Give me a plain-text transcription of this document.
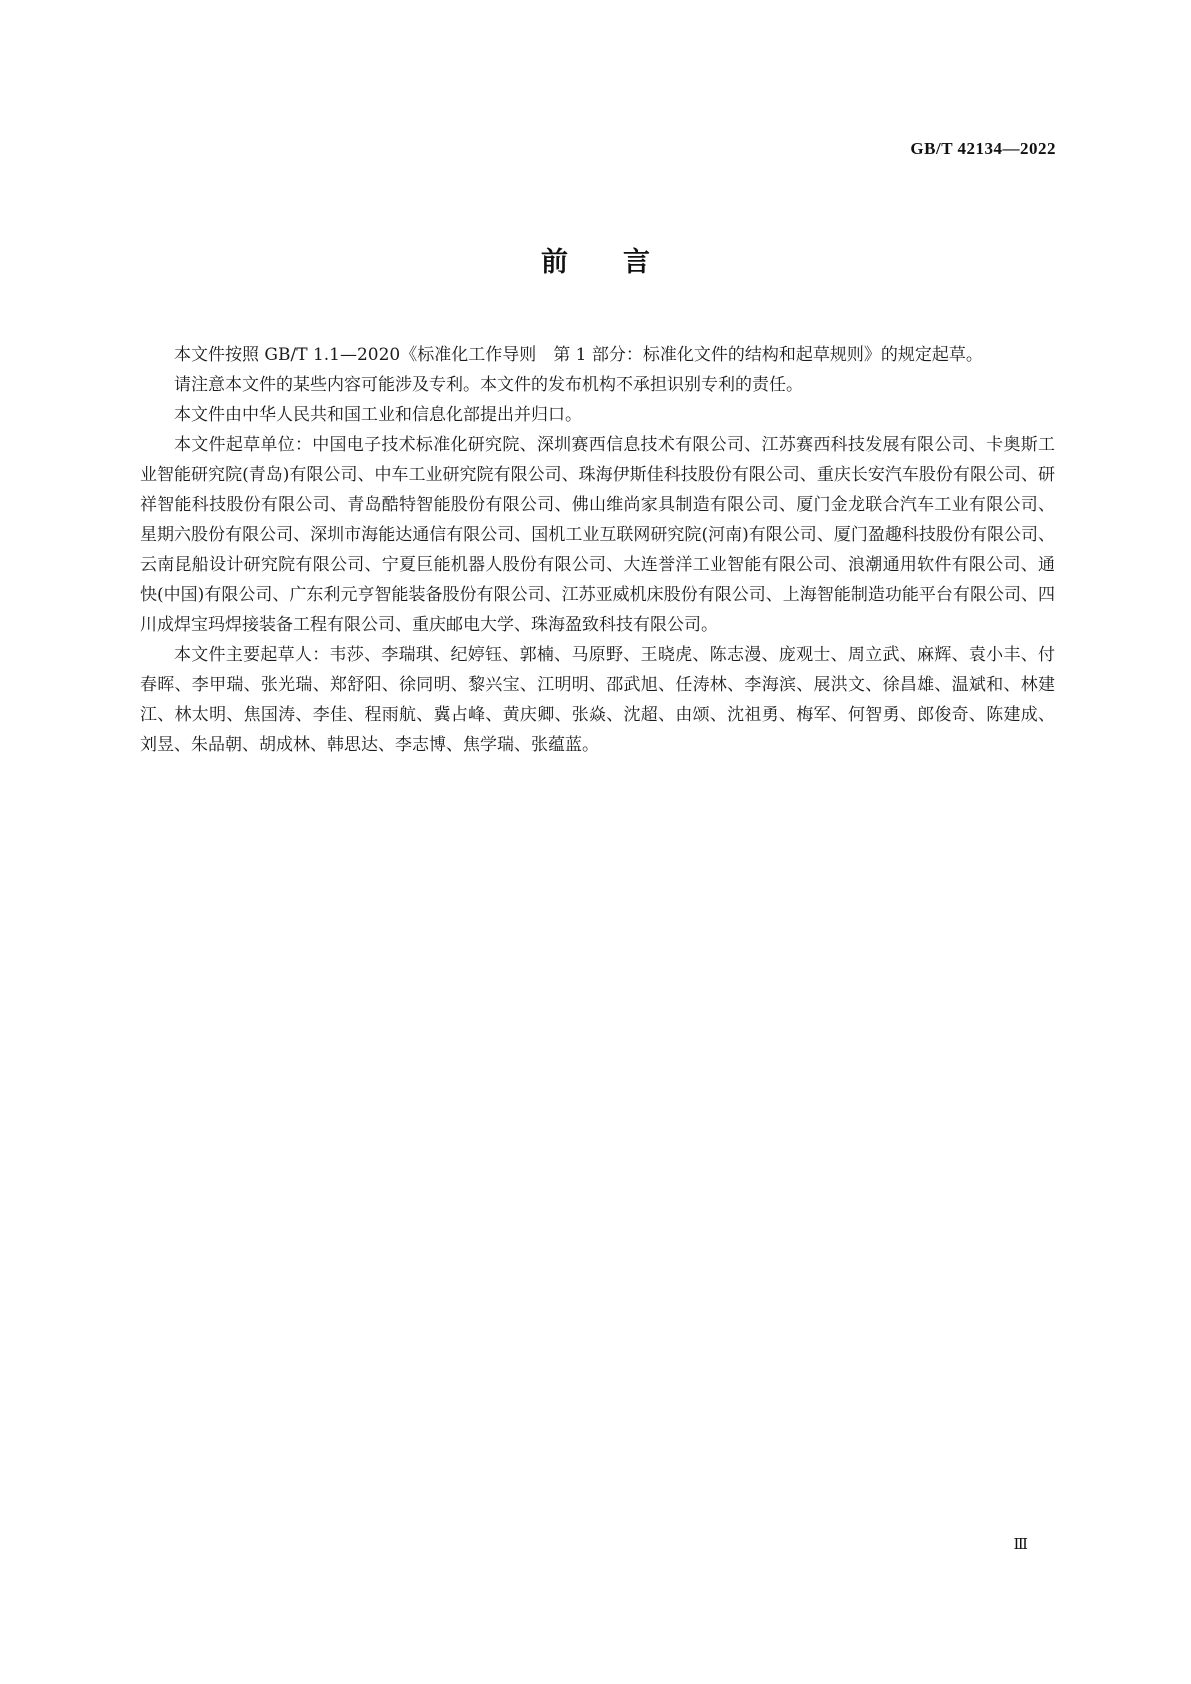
GB/T 42134—2022
前言

本文件按照 GB/T 1.1—2020《标准化工作导则　第 1 部分：标准化文件的结构和起草规则》的规定起草。

请注意本文件的某些内容可能涉及专利。本文件的发布机构不承担识别专利的责任。

本文件由中华人民共和国工业和信息化部提出并归口。

本文件起草单位：中国电子技术标准化研究院、深圳赛西信息技术有限公司、江苏赛西科技发展有限公司、卡奥斯工业智能研究院(青岛)有限公司、中车工业研究院有限公司、珠海伊斯佳科技股份有限公司、重庆长安汽车股份有限公司、研祥智能科技股份有限公司、青岛酷特智能股份有限公司、佛山维尚家具制造有限公司、厦门金龙联合汽车工业有限公司、星期六股份有限公司、深圳市海能达通信有限公司、国机工业互联网研究院(河南)有限公司、厦门盈趣科技股份有限公司、云南昆船设计研究院有限公司、宁夏巨能机器人股份有限公司、大连誉洋工业智能有限公司、浪潮通用软件有限公司、通快(中国)有限公司、广东利元亨智能装备股份有限公司、江苏亚威机床股份有限公司、上海智能制造功能平台有限公司、四川成焊宝玛焊接装备工程有限公司、重庆邮电大学、珠海盈致科技有限公司。

本文件主要起草人：韦莎、李瑞琪、纪婷钰、郭楠、马原野、王晓虎、陈志漫、庞观士、周立武、麻辉、袁小丰、付春晖、李甲瑞、张光瑞、郑舒阳、徐同明、黎兴宝、江明明、邵武旭、任涛林、李海滨、展洪文、徐昌雄、温斌和、林建江、林太明、焦国涛、李佳、程雨航、冀占峰、黄庆卿、张焱、沈超、由颂、沈祖勇、梅军、何智勇、郎俊奇、陈建成、刘昱、朱品朝、胡成林、韩思达、李志博、焦学瑞、张蕴蓝。

Ⅲ
